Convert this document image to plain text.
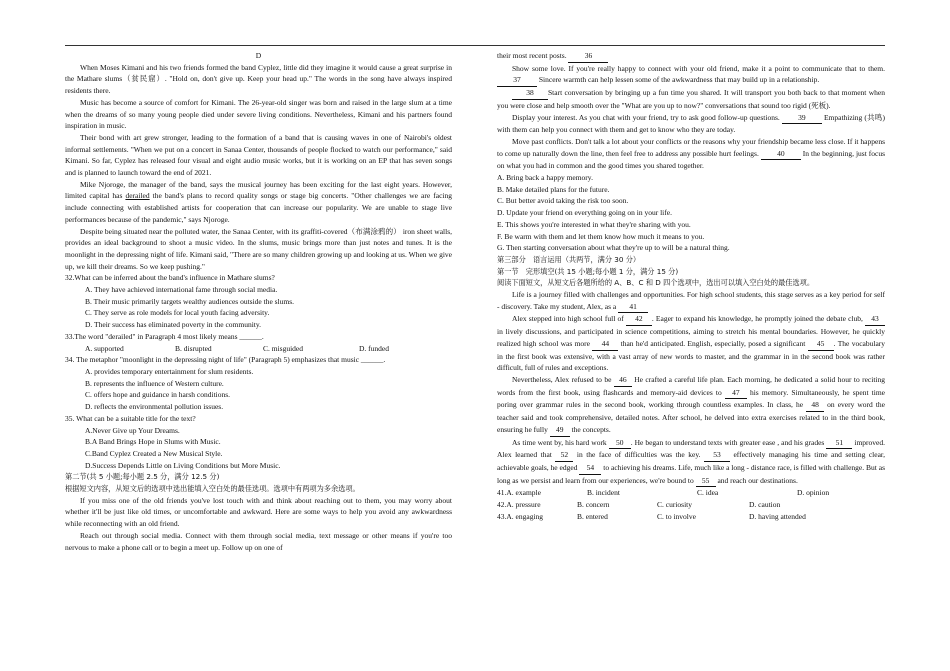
D

When Moses Kimani and his two friends formed the band Cyplez, little did they imagine it would cause a great surprise in the Mathare slums（贫民窟）. "Hold on, don't give up. Keep your head up." The words in the song have always inspired residents there.

Music has become a source of comfort for Kimani. The 26-year-old singer was born and raised in the large slum at a time when the dreams of so many young people died under severe living conditions. Nevertheless, Kimani and his partners found inspiration in music.

Their bond with art grew stronger, leading to the formation of a band that is causing waves in one of Nairobi's oldest informal settlements. "When we put on a concert in Sanaa Center, thousands of people flocked to watch our performance," said Kimani. So far, Cyplez has released four visual and eight audio music works, but it is working on an EP that has seven songs and is planned to launch toward the end of 2021.

Mike Njoroge, the manager of the band, says the musical journey has been exciting for the last eight years. However, limited capital has derailed the band's plans to record quality songs or stage big concerts. "Other challenges we are facing include connecting with established artists for cooperation that can increase our popularity. We are unable to stage live performances because of the pandemic," says Njoroge.

Despite being situated near the polluted water, the Sanaa Center, with its graffiti-covered（布满涂鸦的） iron sheet walls, provides an ideal background to shoot a music video. In the slums, music brings more than just notes and tunes. It is the moonlight in the depressing night of life. Kimani said, "There are so many children growing up and looking at us. When we give up, we kill their dreams. So we keep pushing."

32.What can be inferred about the band's influence in Mathare slums?

A. They have achieved international fame through social media.

B. Their music primarily targets wealthy audiences outside the slums.

C. They serve as role models for local youth facing adversity.

D. Their success has eliminated poverty in the community.

33.The word "derailed" in Paragraph 4 most likely means ______.

A. supported	B. disrupted	C. misguided	D. funded

34. The metaphor "moonlight in the depressing night of life" (Paragraph 5) emphasizes that music ______.

A. provides temporary entertainment for slum residents.

B. represents the influence of Western culture.

C. offers hope and guidance in harsh conditions.

D. reflects the environmental pollution issues.

35. What can be a suitable title for the text?

A.Never Give up Your Dreams.

B.A Band Brings Hope in Slums with Music.

C.Band Cyplez Created a New Musical Style.

D.Success Depends Little on Living Conditions but More Music.

第二节(共 5 小题;每小题 2.5 分，满分 12.5 分)

根据短文内容，从短文后的选项中选出能填入空白处的最佳选项。选项中有两项为多余选项。

If you miss one of the old friends you've lost touch with and think about reaching out to them, you may worry about whether it'll be just like old times, or uncomfortable and awkward. Here are some ways to help you avoid any awkwardness while reconnecting with an old friend.

Reach out through social media. Connect with them through social media, text message or other means if you're too nervous to make a phone call or to begin a meet up. Follow up on one of

their most recent posts. 36

Show some love. If you're really happy to connect with your old friend, make it a point to communicate that to them. 37 Sincere warmth can help lessen some of the awkwardness that may build up in a relationship.

38 Start conversation by bringing up a fun time you shared. It will transport you both back to that moment when you were close and help smooth over the "What are you up to now?" conversations that sound too rigid (死板).

Display your interest. As you chat with your friend, try to ask good follow-up questions. 39 Empathizing (共鸣) with them can help you connect with them and get to know who they are today.

Move past conflicts. Don't talk a lot about your conflicts or the reasons why your friendship became less close. If it happens to come up naturally down the line, then feel free to address any possible hurt feelings. 40 In the beginning, just focus on what you had in common and the good times you shared together.

A. Bring back a happy memory.

B. Make detailed plans for the future.

C. But better avoid taking the risk too soon.

D. Update your friend on everything going on in your life.

E. This shows you're interested in what they're sharing with you.

F. Be warm with them and let them know how much it means to you.

G. Then starting conversation about what they're up to will be a natural thing.

第三部分　语言运用（共两节，满分 30 分）

第一节　完形填空(共 15 小题;每小题 1 分，满分 15 分)

阅读下面短文，从短文后各题所给的 A、B、C 和 D 四个选项中，选出可以填入空白处的最佳选项。

Life is a journey filled with challenges and opportunities. For high school students, this stage serves as a key period for self - discovery. Take my student, Alex, as a 41

Alex stepped into high school full of 42 . Eager to expand his knowledge, he promptly joined the debate club, 43 in lively discussions, and participated in science competitions, aiming to stretch his mental boundaries. However, he quickly realized high school was more 44 than he'd anticipated. English, especially, posed a significant 45 . The vocabulary in the first book was extensive, with a vast array of new words to master, and the grammar in in the second book was rather difficult, full of rules and exceptions.

Nevertheless, Alex refused to be 46 He crafted a careful life plan. Each morning, he dedicated a solid hour to reciting words from the first book, using flashcards and memory-aid devices to 47 his memory. Simultaneously, he spent time poring over grammar rules in the second book, working through countless examples. In class, he 48 on every word the teacher said and took comprehensive, detailed notes. After school, he delved into extra exercises related to in the third book, ensuring he fully 49 the concepts.

As time went by, his hard work 50 . He began to understand texts with greater ease , and his grades 51 improved. Alex learned that 52 in the face of difficulties was the key. 53 effectively managing his time and setting clear, achievable goals, he edged 54 to achieving his dreams. Life, much like a long - distance race, is filled with challenge. But as long as we persist and learn from our experiences, we're bound to 55 and reach our destinations.

41.A. example	B. incident	C. idea	D. opinion
42.A. pressure	B. concern	C. curiosity	D. caution
43.A. engaging	B. entered	C. to involve	D. having attended
